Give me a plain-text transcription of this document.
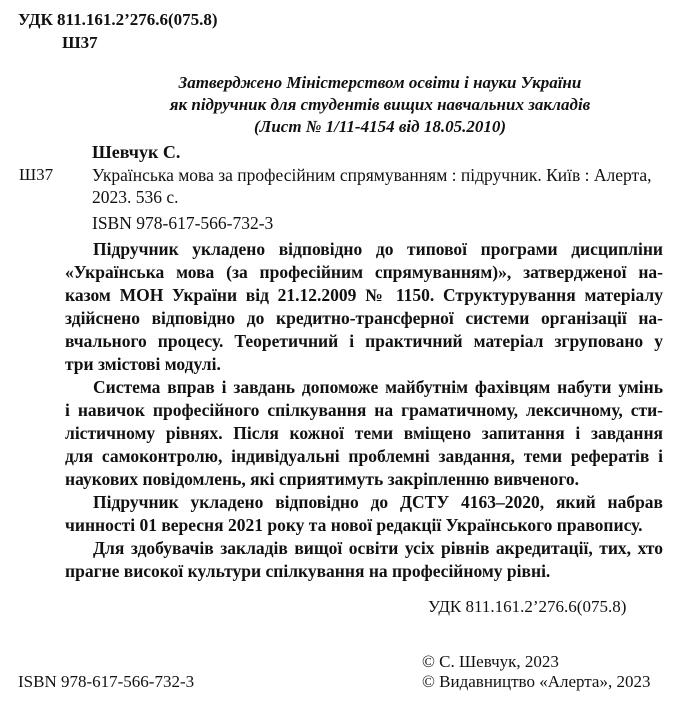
УДК 811.161.2’276.6(075.8)
Ш37
Затверджено Міністерством освіти і науки України
як підручник для студентів вищих навчальних закладів
(Лист № 1/11-4154 від 18.05.2010)
Шевчук С.
Ш37 Українська мова за професійним спрямуванням : підручник. Київ : Алерта, 2023. 536 с.
ISBN 978-617-566-732-3
Підручник укладено відповідно до типової програми дисципліни
«Українська мова (за професійним спрямуванням)», затвердженої на-
казом МОН України від 21.12.2009 № 1150. Структурування матеріалу
здійснено відповідно до кредитно-трансферної системи організації на-
вчального процесу. Теоретичний і практичний матеріал згруповано у
три змістові модулі.
Система вправ і завдань допоможе майбутнім фахівцям набути умінь
і навичок професійного спілкування на граматичному, лексичному, сти-
лістичному рівнях. Після кожної теми вміщено запитання і завдання
для самоконтролю, індивідуальні проблемні завдання, теми рефератів і
наукових повідомлень, які сприятимуть закріпленню вивченого.
Підручник укладено відповідно до ДСТУ 4163–2020, який набрав
чинності 01 вересня 2021 року та нової редакції Українського правопису.
Для здобувачів закладів вищої освіти усіх рівнів акредитації, тих, хто
прагне високої культури спілкування на професійному рівні.
УДК 811.161.2’276.6(075.8)
© С. Шевчук, 2023
ISBN 978-617-566-732-3	© Видавництво «Алерта», 2023
